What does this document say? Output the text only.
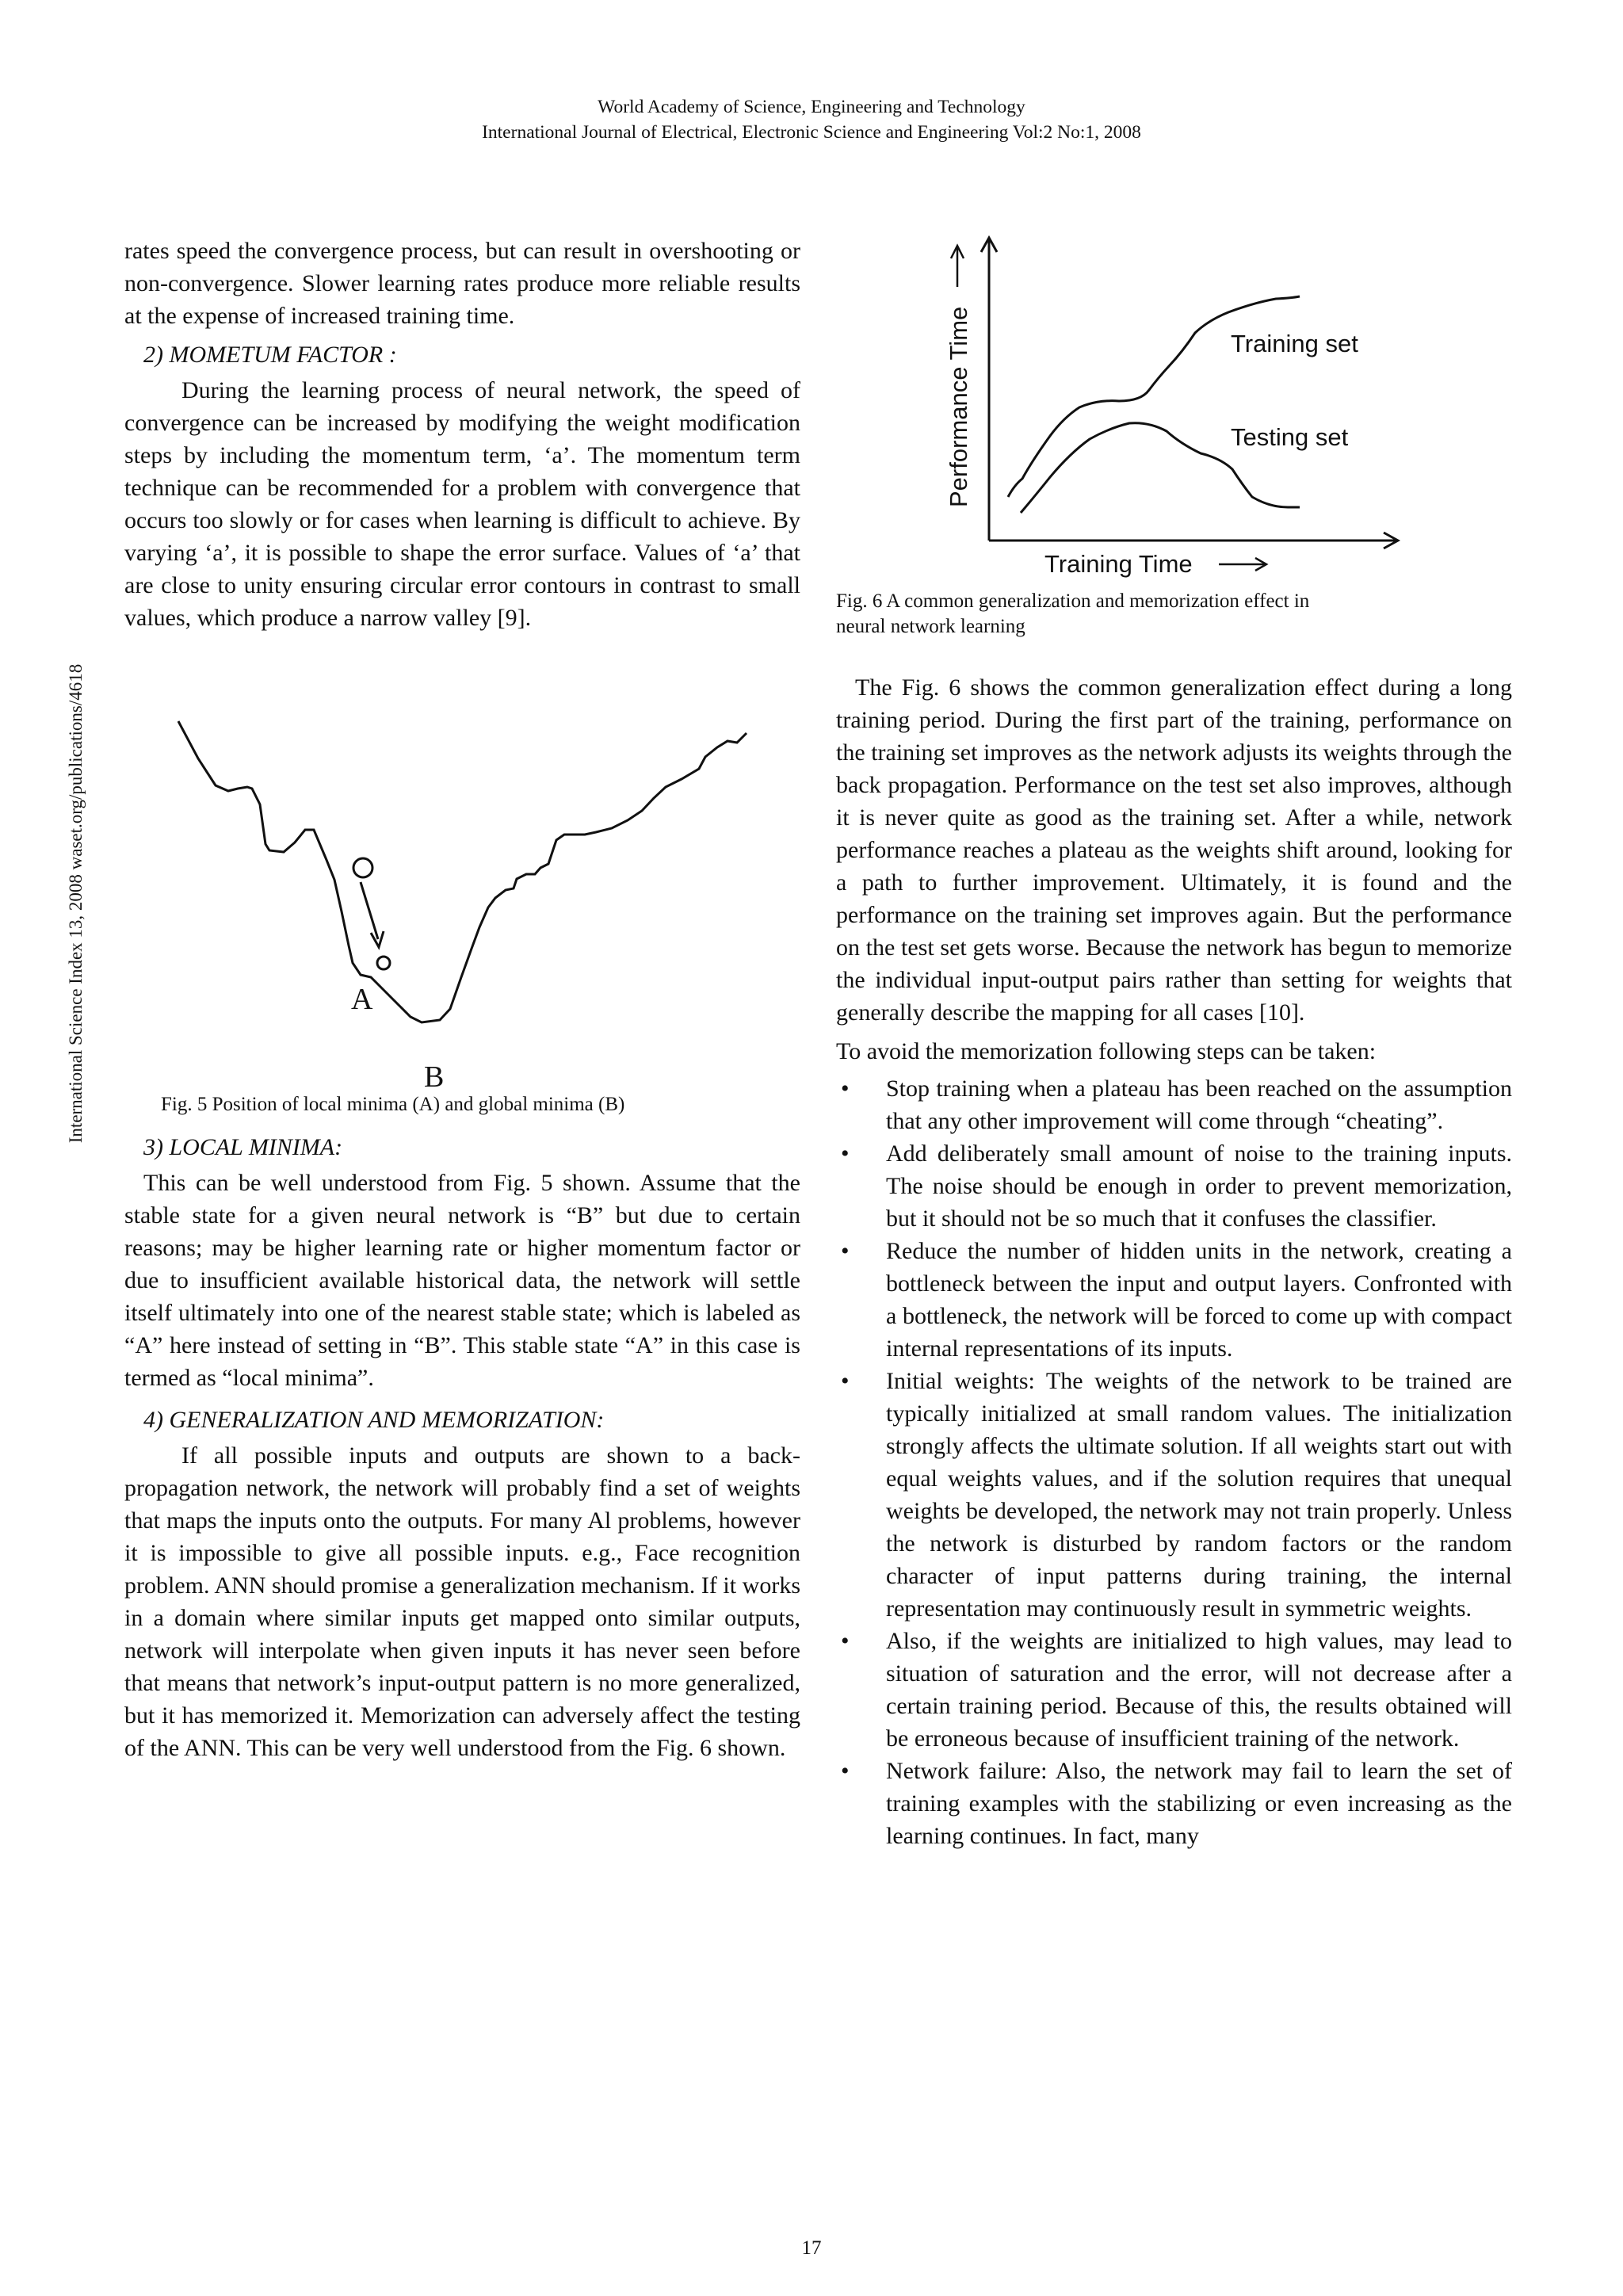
World Academy of Science, Engineering and Technology
International Journal of Electrical, Electronic Science and Engineering Vol:2 No:1, 2008
International Science Index 13, 2008 waset.org/publications/4618

rates speed the convergence process, but can result in overshooting or non-convergence. Slower learning rates produce more reliable results at the expense of increased training time.

2) MOMETUM FACTOR :

During the learning process of neural network, the speed of convergence can be increased by modifying the weight modification steps by including the momentum term, ‘a’. The momentum term technique can be recommended for a problem with convergence that occurs too slowly or for cases when learning is difficult to achieve. By varying ‘a’, it is possible to shape the error surface. Values of ‘a’ that are close to unity ensuring circular error contours in contrast to small values, which produce a narrow valley [9].

A
B
Fig. 5 Position of local minima (A) and global minima (B)
3) LOCAL MINIMA:

This can be well understood from Fig. 5 shown. Assume that the stable state for a given neural network is “B” but due to certain reasons; may be higher learning rate or higher momentum factor or due to insufficient available historical data, the network will settle itself ultimately into one of the nearest stable state; which is labeled as “A” here instead of setting in “B”. This stable state “A” in this case is termed as “local minima”.

4) GENERALIZATION AND MEMORIZATION:

If all possible inputs and outputs are shown to a back-propagation network, the network will probably find a set of weights that maps the inputs onto the outputs. For many Al problems, however it is impossible to give all possible inputs. e.g., Face recognition problem. ANN should promise a generalization mechanism. If it works in a domain where similar inputs get mapped onto similar outputs, network will interpolate when given inputs it has never seen before that means that network’s input-output pattern is no more generalized, but it has memorized it. Memorization can adversely affect the testing of the ANN. This can be very well understood from the Fig. 6 shown.

Performance Time	Training set
Testing set
Training Time
Fig. 6 A common generalization and memorization effect in
neural network learning

The Fig. 6 shows the common generalization effect during a long training period. During the first part of the training, performance on the training set improves as the network adjusts its weights through the back propagation. Performance on the test set also improves, although it is never quite as good as the training set. After a while, network performance reaches a plateau as the weights shift around, looking for a path to further improvement. Ultimately, it is found and the performance on the training set improves again. But the performance on the test set gets worse. Because the network has begun to memorize the individual input-output pairs rather than setting for weights that generally describe the mapping for all cases [10].

To avoid the memorization following steps can be taken:

• Stop training when a plateau has been reached on the assumption that any other improvement will come through “cheating”.
• Add deliberately small amount of noise to the training inputs. The noise should be enough in order to prevent memorization, but it should not be so much that it confuses the classifier.
• Reduce the number of hidden units in the network, creating a bottleneck between the input and output layers. Confronted with a bottleneck, the network will be forced to come up with compact internal representations of its inputs.
• Initial weights: The weights of the network to be trained are typically initialized at small random values. The initialization strongly affects the ultimate solution. If all weights start out with equal weights values, and if the solution requires that unequal weights be developed, the network may not train properly. Unless the network is disturbed by random factors or the random character of input patterns during training, the internal representation may continuously result in symmetric weights.
• Also, if the weights are initialized to high values, may lead to situation of saturation and the error, will not decrease after a certain training period. Because of this, the results obtained will be erroneous because of insufficient training of the network.
• Network failure: Also, the network may fail to learn the set of training examples with the stabilizing or even increasing as the learning continues. In fact, many
17
